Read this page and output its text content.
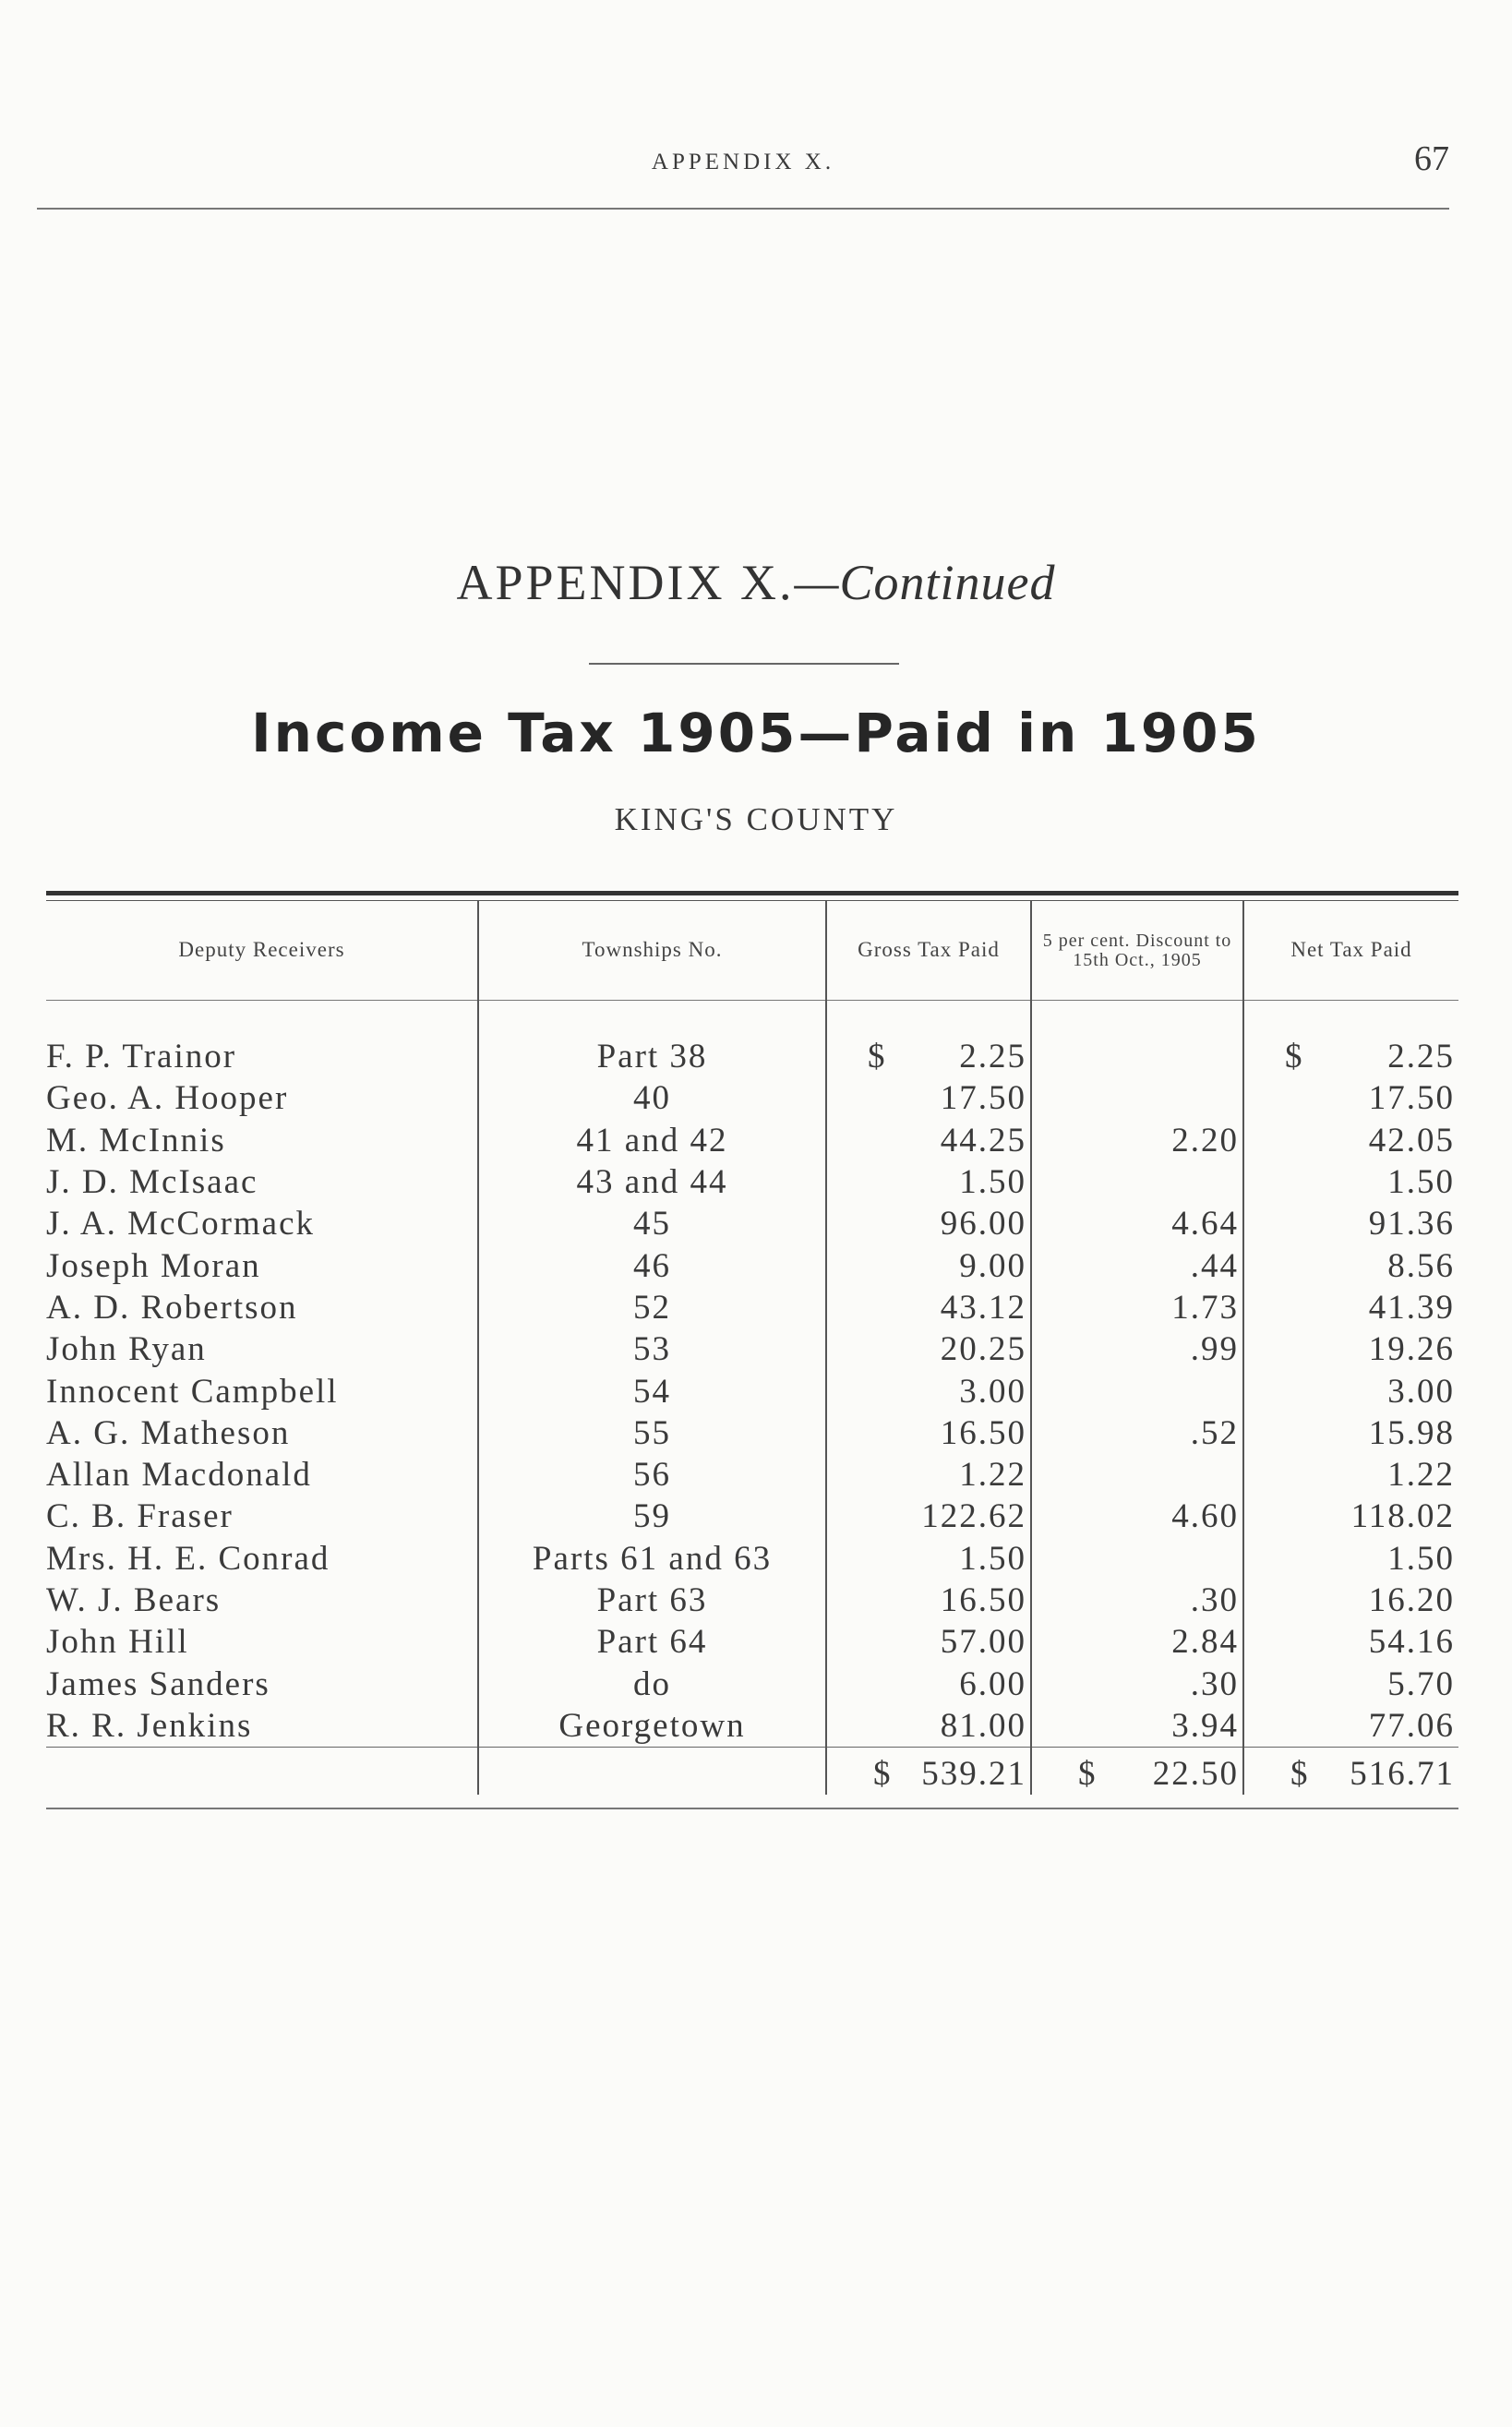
APPENDIX X.	67
APPENDIX X.—Continued
Income Tax 1905—Paid in 1905
KING'S COUNTY
Deputy Receivers	Townships No.	Gross Tax Paid	5 per cent. Discount to 15th Oct., 1905	Net Tax Paid
F. P. Trainor	Part 38	$ 2.25		$ 2.25
Geo. A. Hooper	40	17.50		17.50
M. McInnis	41 and 42	44.25	2.20	42.05
J. D. McIsaac	43 and 44	1.50		1.50
J. A. McCormack	45	96.00	4.64	91.36
Joseph Moran	46	9.00	.44	8.56
A. D. Robertson	52	43.12	1.73	41.39
John Ryan	53	20.25	.99	19.26
Innocent Campbell	54	3.00		3.00
A. G. Matheson	55	16.50	.52	15.98
Allan Macdonald	56	1.22		1.22
C. B. Fraser	59	122.62	4.60	118.02
Mrs. H. E. Conrad	Parts 61 and 63	1.50		1.50
W. J. Bears	Part 63	16.50	.30	16.20
John Hill	Part 64	57.00	2.84	54.16
James Sanders	do	6.00	.30	5.70
R. R. Jenkins	Georgetown	81.00	3.94	77.06

		$ 539.21	$ 22.50	$ 516.71
